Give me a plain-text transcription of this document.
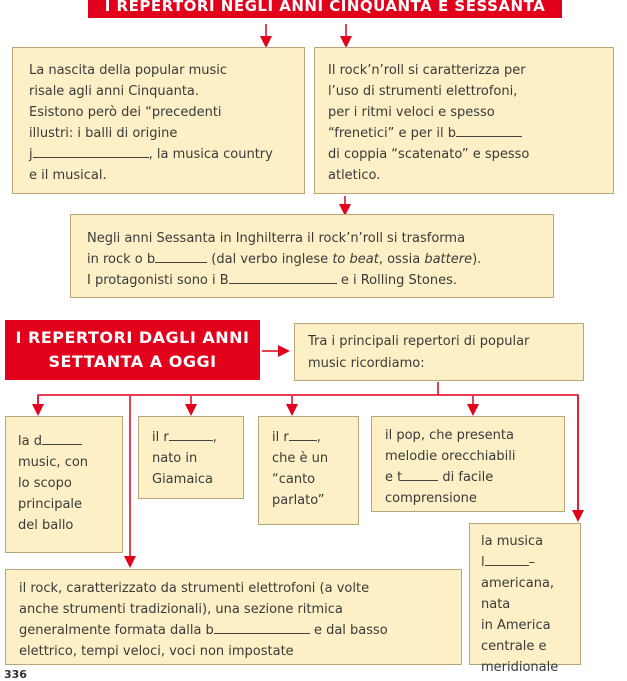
I REPERTORI NEGLI ANNI CINQUANTA E SESSANTA
La nascita della popular music
risale agli anni Cinquanta.
Esistono però dei “precedenti
illustri: i balli di origine
j	, la musica country
e il musical.
Il rock’n’roll si caratterizza per
l’uso di strumenti elettrofoni,
per i ritmi veloci e spesso
“frenetici” e per il b
di coppia “scatenato” e spesso
atletico.
Negli anni Sessanta in Inghilterra il rock’n’roll si trasforma
in rock o b	(dal verbo inglese to beat, ossia battere).
I protagonisti sono i B	e i Rolling Stones.
I REPERTORI DAGLI ANNI
SETTANTA A OGGI
Tra i principali repertori di popular
music ricordiamo:
la d
music, con
lo scopo
principale
del ballo
il r	,
nato in
Giamaica
il r ,
che è un
“canto
parlato”
il pop, che presenta
melodie orecchiabili
e t	di facile
comprensione
la musica
l	–
americana, nata
in America
centrale e
meridionale
il rock, caratterizzato da strumenti elettrofoni (a volte
anche strumenti tradizionali), una sezione ritmica
generalmente formata dalla b	e dal basso
elettrico, tempi veloci, voci non impostate
336
